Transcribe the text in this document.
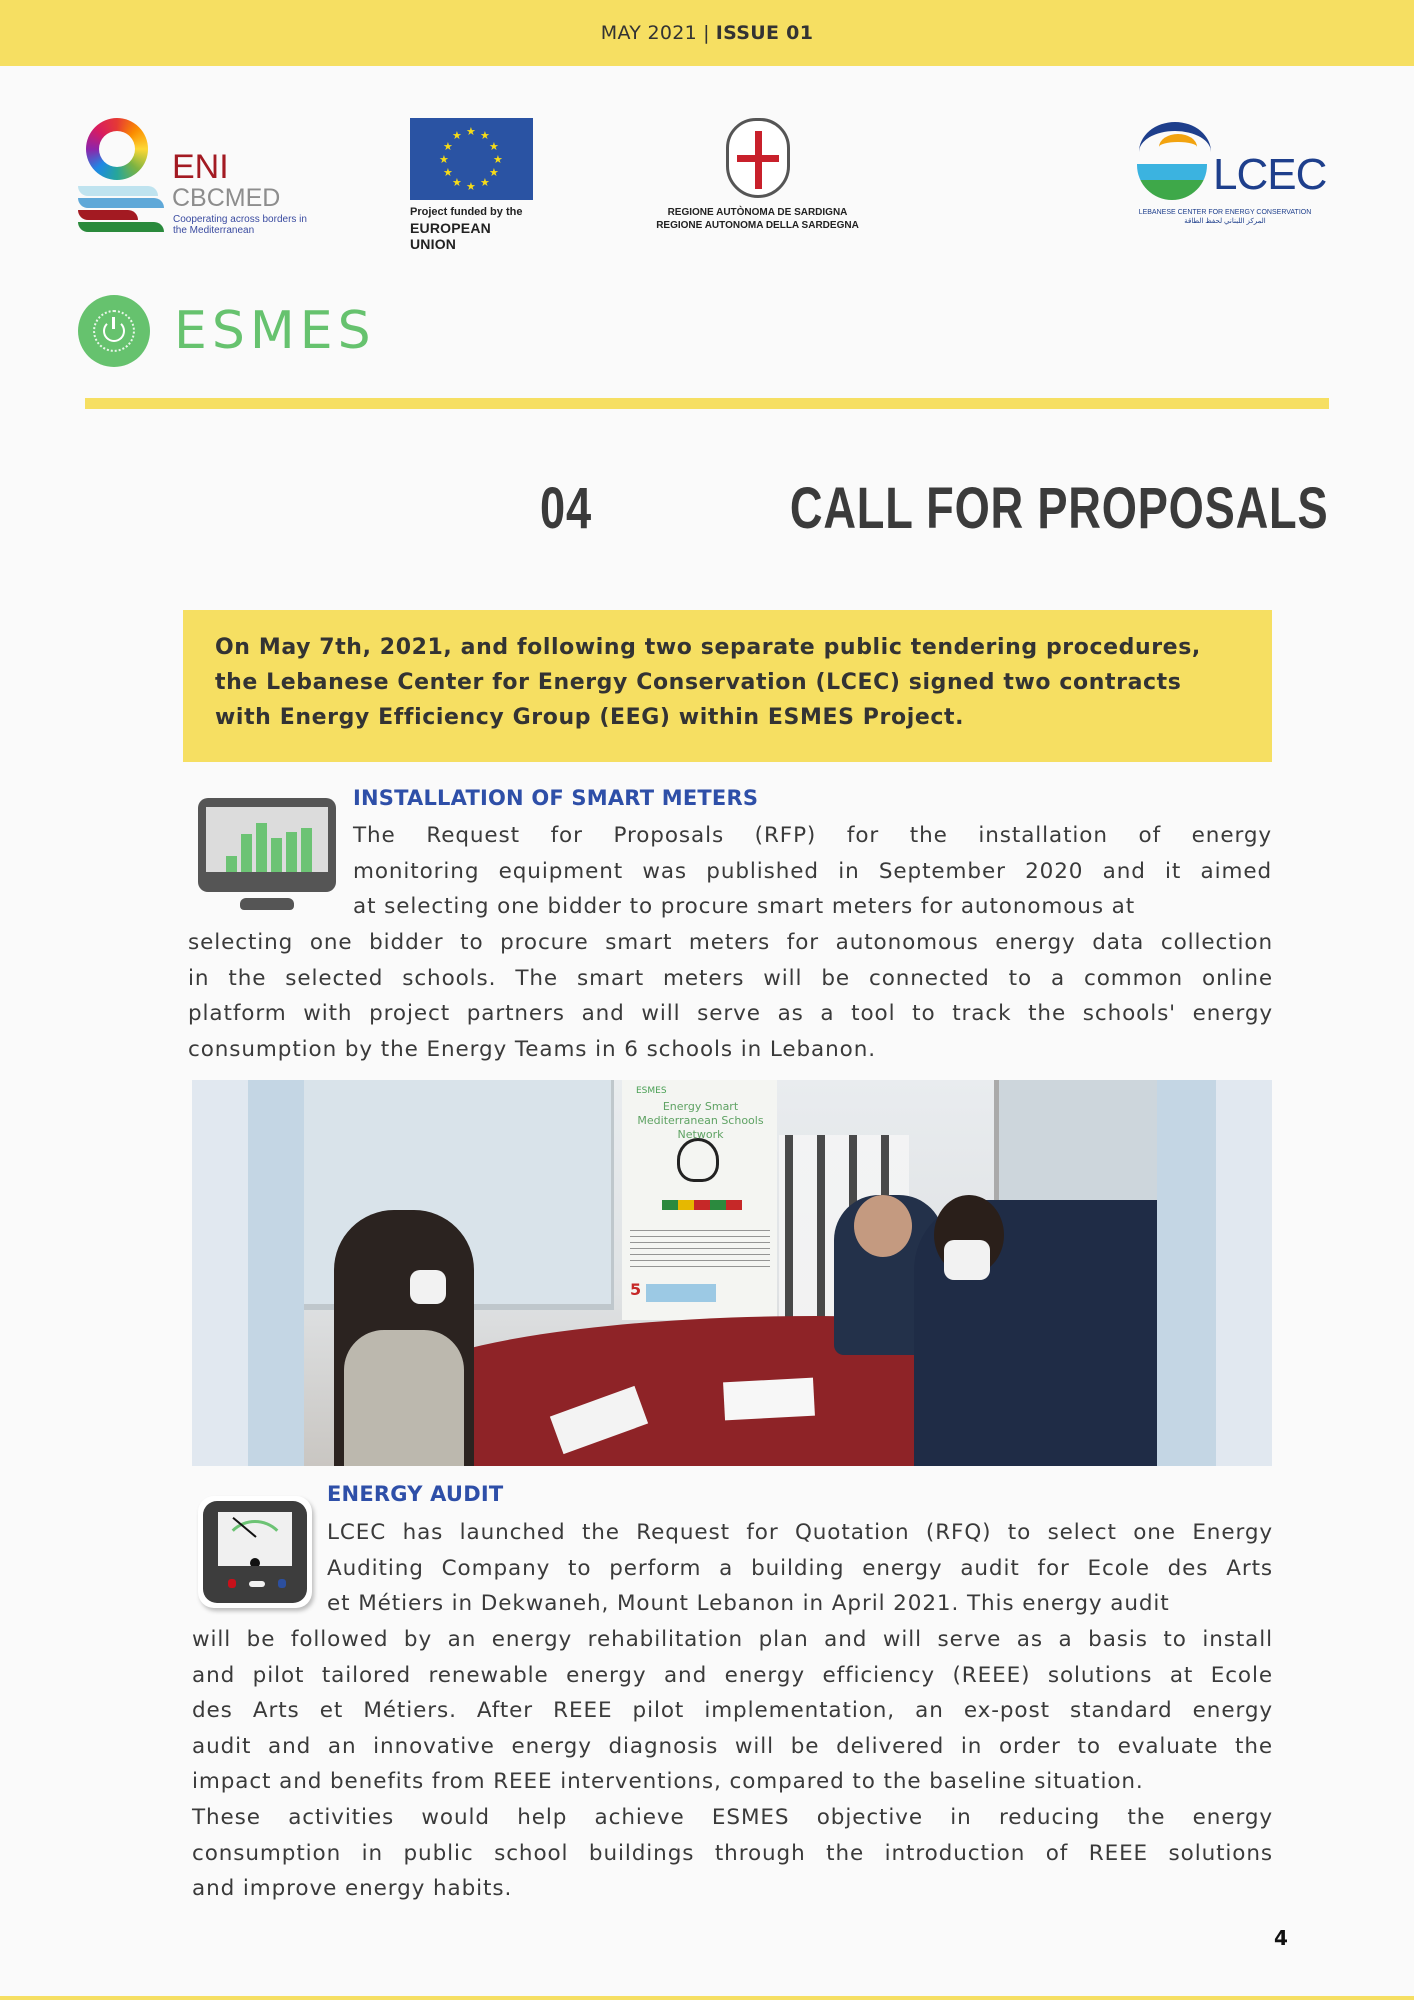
MAY 2021 | ISSUE 01
ENI
CBCMED
Cooperating across borders in the Mediterranean
★ ★
★
★
★
★
★
★
★
★
★
★
Project funded by the
EUROPEAN UNION
REGIONE AUTÒNOMA DE SARDIGNA
REGIONE AUTONOMA DELLA SARDEGNA
LCEC
LEBANESE CENTER FOR ENERGY CONSERVATION
المركز اللبناني لحفظ الطاقة
ESMES
04	CALL FOR PROPOSALS
On May 7th, 2021, and following two separate public tendering procedures, the Lebanese Center for Energy Conservation (LCEC) signed two contracts with Energy Efficiency Group (EEG) within ESMES Project.
INSTALLATION OF SMART METERS
The Request for Proposals (RFP) for the installation of energy
monitoring equipment was published in September 2020 and it aimed
at selecting one bidder to procure smart meters for autonomous at
selecting one bidder to procure smart meters for autonomous energy data collection
in the selected schools. The smart meters will be connected to a common online
platform with project partners and will serve as a tool to track the schools' energy
consumption by the Energy Teams in 6 schools in Lebanon.
ESMES
Energy Smart Mediterranean Schools Network
5
ENERGY AUDIT
LCEC has launched the Request for Quotation (RFQ) to select one Energy
Auditing Company to perform a building energy audit for Ecole des Arts
et Métiers in Dekwaneh, Mount Lebanon in April 2021. This energy audit
will be followed by an energy rehabilitation plan and will serve as a basis to install
and pilot tailored renewable energy and energy efficiency (REEE) solutions at Ecole
des Arts et Métiers. After REEE pilot implementation, an ex-post standard energy
audit and an innovative energy diagnosis will be delivered in order to evaluate the
impact and benefits from REEE interventions, compared to the baseline situation.
These activities would help achieve ESMES objective in reducing the energy
consumption in public school buildings through the introduction of REEE solutions
and improve energy habits.
4
